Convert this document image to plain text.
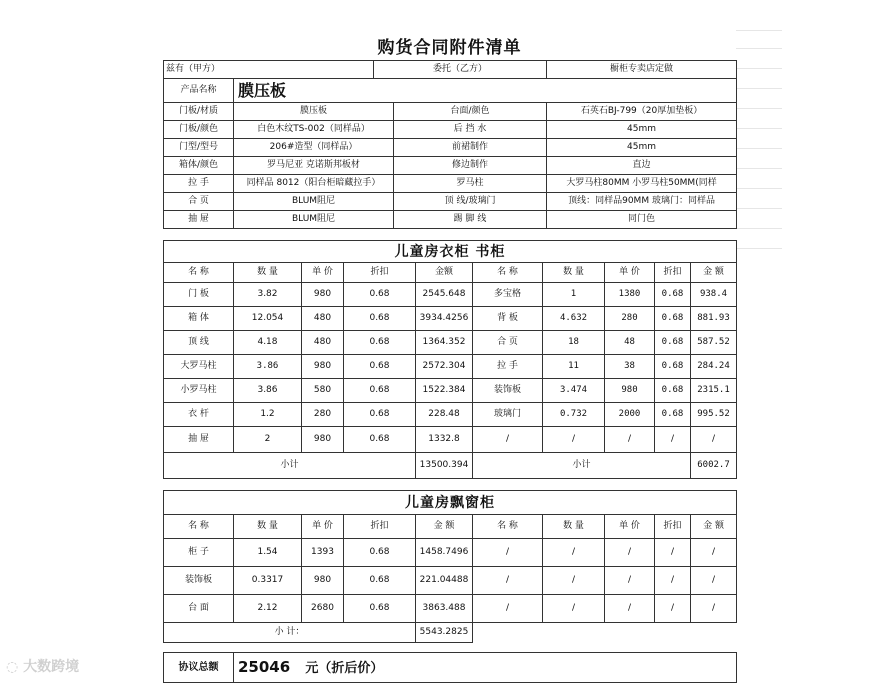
购货合同附件清单
兹有（甲方）		委托（乙方）		橱柜专卖店定做
产品名称	膜压板			
门板/材质	膜压板		台面/颜色	石英石BJ-799（20厚加垫板）
门板/颜色	白色木纹TS-002（同样品）		后 挡 水	45mm
门型/型号	206#造型（同样品）		前裙制作	45mm
箱体/颜色	罗马尼亚 克诺斯邦板材		修边制作	直边
拉 手	同样品 8012（阳台柜暗藏拉手）		罗马柱	大罗马柱80MM 小罗马柱50MM(同样
合 页	BLUM阻尼		顶 线/玻璃门	顶线：同样品90MM 玻璃门：同样品
抽 屉	BLUM阻尼		踢 脚 线	同门色
儿童房衣柜 书柜									
名 称	数 量	单 价	折扣	金额	名 称	数 量	单 价	折扣	金 额
门 板	3.82	980	0.68	2545.648	多宝格	1	1380	0.68	938.4
箱 体	12.054	480	0.68	3934.4256	背 板	4.632	280	0.68	881.93
顶 线	4.18	480	0.68	1364.352	合 页	18	48	0.68	587.52
大罗马柱	3.86	980	0.68	2572.304	拉 手	11	38	0.68	284.24
小罗马柱	3.86	580	0.68	1522.384	装饰板	3.474	980	0.68	2315.1
衣 杆	1.2	280	0.68	228.48	玻璃门	0.732	2000	0.68	995.52
抽 屉	2	980	0.68	1332.8	/	/	/	/	/
小计				13500.394	小计				6002.7
儿童房飘窗柜									
名 称	数 量	单 价	折扣	金 额	名 称	数 量	单 价	折扣	金 额
柜 子	1.54	1393	0.68	1458.7496	/	/	/	/	/
装饰板	0.3317	980	0.68	221.04488	/	/	/	/	/
台 面	2.12	2680	0.68	3863.488	/	/	/	/	/
小 计：				5543.2825					
协议总额	25046 元（折后价）
◌ 大数跨境
